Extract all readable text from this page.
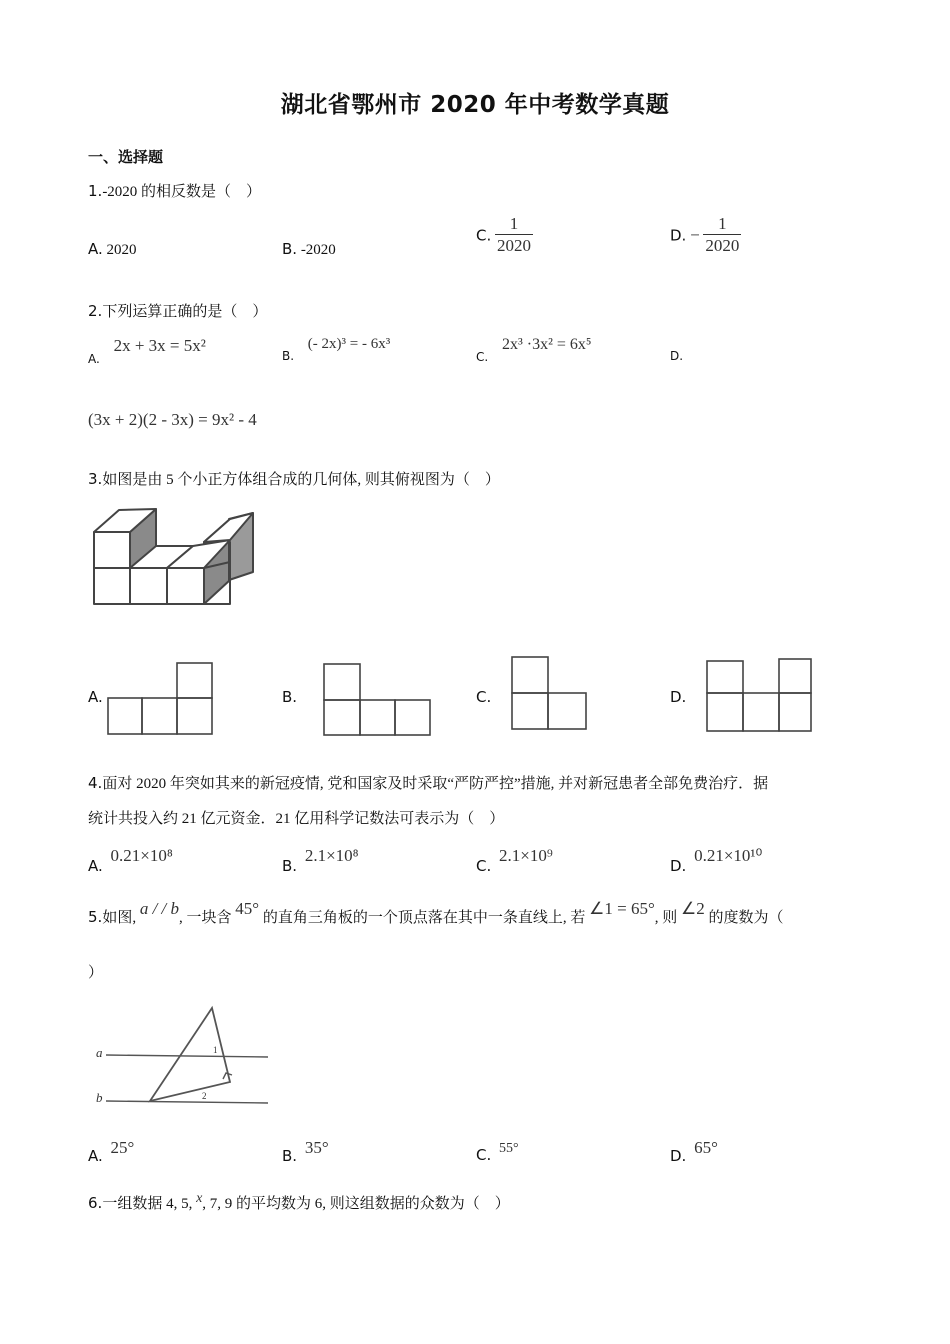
湖北省鄂州市 2020 年中考数学真题
一、选择题
1.-2020 的相反数是（　）
A. 2020	B. -2020
C. $\frac{1}{2020}$	D. − $\frac{1}{2020}$
2.下列运算正确的是（　）
$_{A.}$ 2x + 3x = 5x²
$_{B.}$ (- 2x)³ = - 6x³
$_{C.}$ 2x³ ·3x² = 6x⁵
D.
(3x + 2)(2 - 3x) = 9x² - 4
3.如图是由 5 个小正方体组合成的几何体, 则其俯视图为（　）
A.	B.	C.	D.
4.面对 2020 年突如其来的新冠疫情, 党和国家及时采取“严防严控”措施, 并对新冠患者全部免费治疗．据
统计共投入约 21 亿元资金．21 亿用科学记数法可表示为（　）
A. 0.21×10⁸
B. 2.1×10⁸
C. 2.1×10⁹
D. 0.21×10¹⁰
5.如图, a / / b, 一块含 45° 的直角三角板的一个顶点落在其中一条直线上, 若 ∠1 = 65°, 则 ∠2 的度数为（
）
a
b
1
2
A. 25°	B. 35°	C. 55°	D. 65°
6.一组数据 4, 5, x, 7, 9 的平均数为 6, 则这组数据的众数为（　）
